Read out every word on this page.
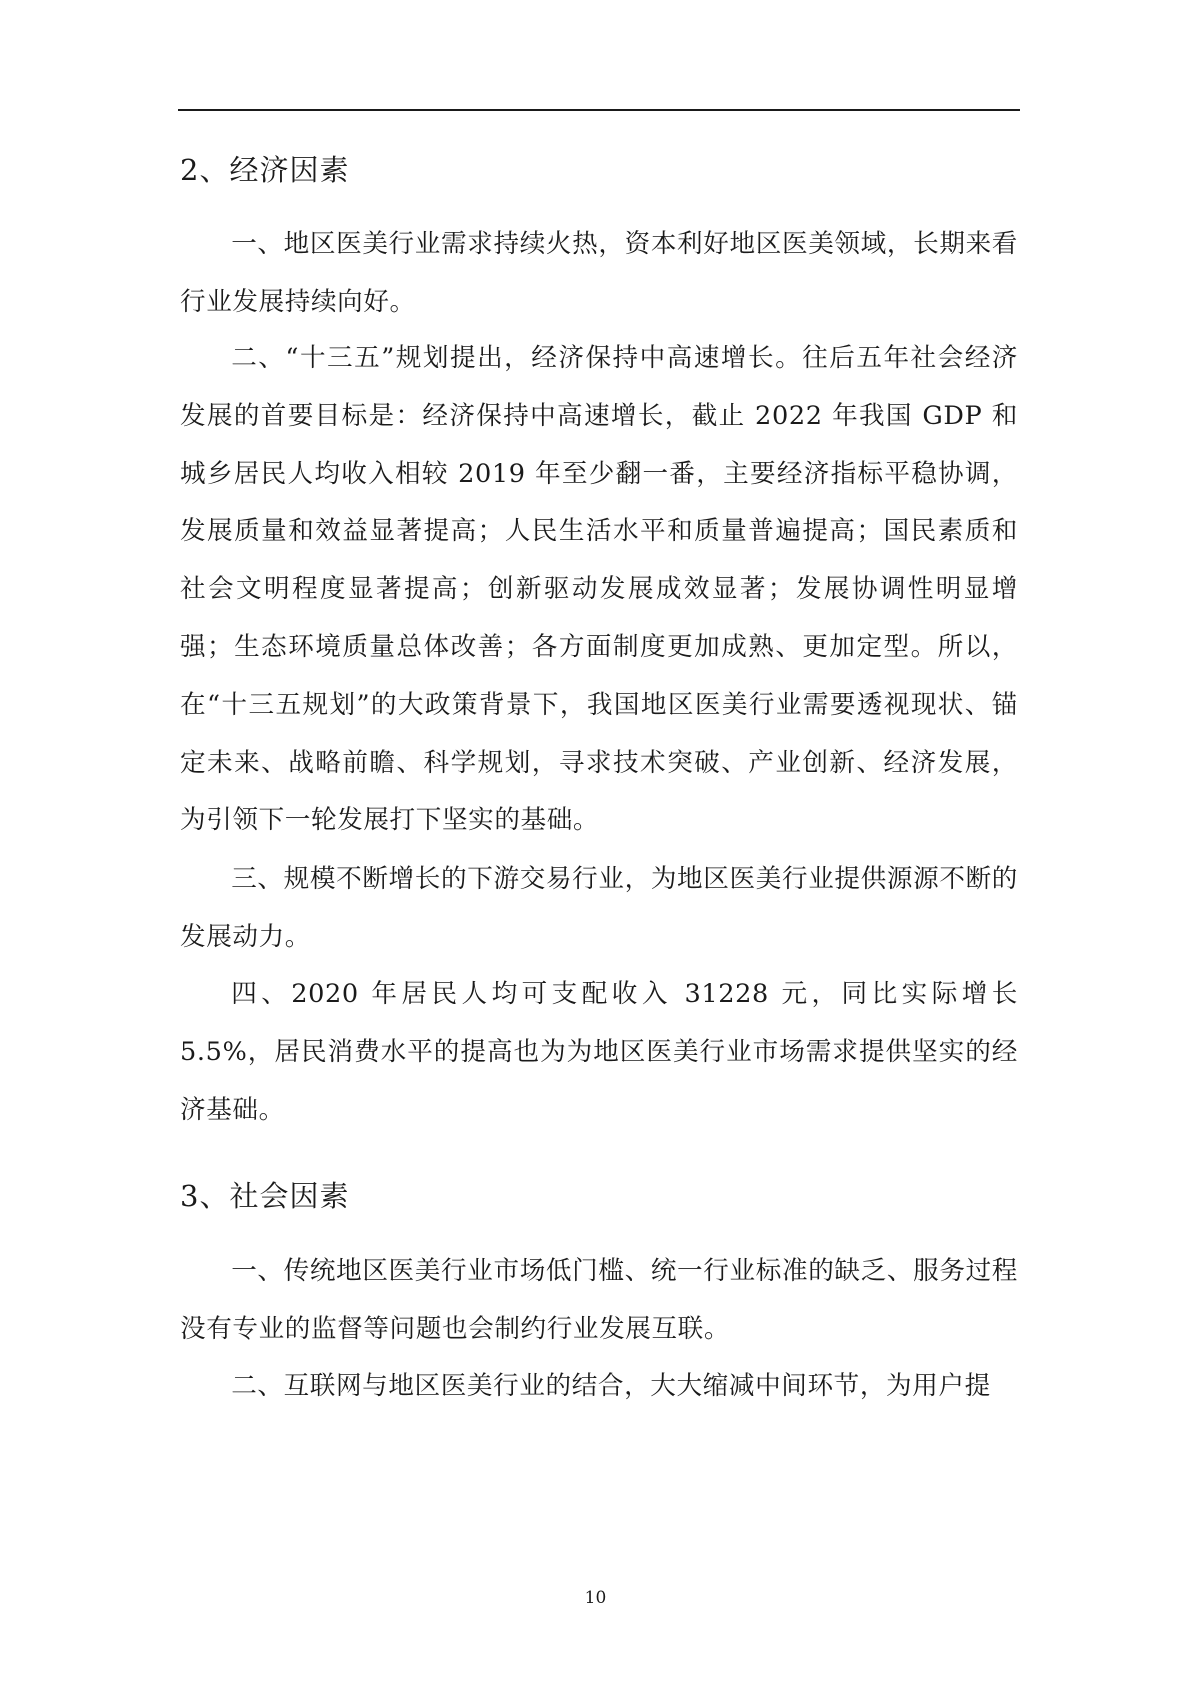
2、经济因素

一、地区医美行业需求持续火热，资本利好地区医美领域，长期来看行业发展持续向好。

二、“十三五”规划提出，经济保持中高速增长。往后五年社会经济发展的首要目标是：经济保持中高速增长，截止 2022 年我国 GDP 和城乡居民人均收入相较 2019 年至少翻一番，主要经济指标平稳协调，发展质量和效益显著提高；人民生活水平和质量普遍提高；国民素质和社会文明程度显著提高；创新驱动发展成效显著；发展协调性明显增强；生态环境质量总体改善；各方面制度更加成熟、更加定型。所以，在“十三五规划”的大政策背景下，我国地区医美行业需要透视现状、锚定未来、战略前瞻、科学规划，寻求技术突破、产业创新、经济发展，为引领下一轮发展打下坚实的基础。

三、规模不断增长的下游交易行业，为地区医美行业提供源源不断的发展动力。

四、2020 年居民人均可支配收入 31228 元，同比实际增长 5.5%，居民消费水平的提高也为为地区医美行业市场需求提供坚实的经济基础。

3、社会因素

一、传统地区医美行业市场低门槛、统一行业标准的缺乏、服务过程没有专业的监督等问题也会制约行业发展互联。

二、互联网与地区医美行业的结合，大大缩减中间环节，为用户提

10
